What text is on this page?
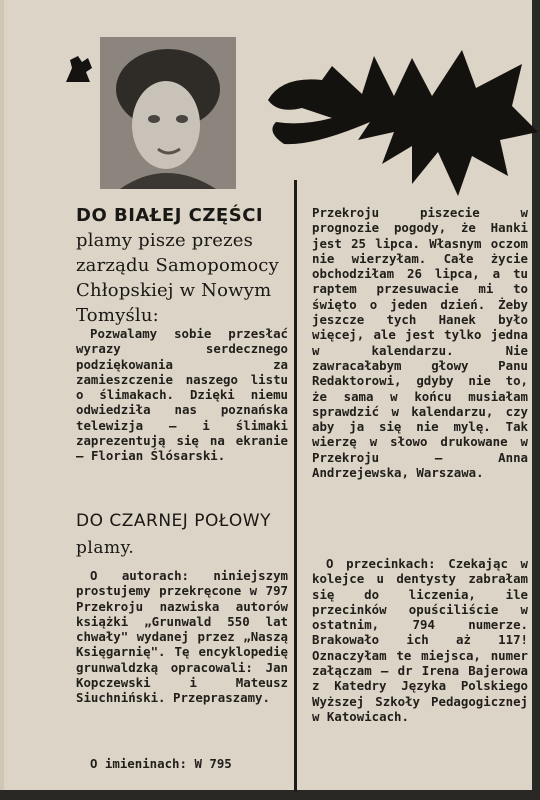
DO BIAŁEJ CZĘŚCI plamy pisze prezes zarządu Samopomocy Chłopskiej w Nowym Tomyślu:
Pozwalamy sobie przesłać wyrazy serdecznego podziękowania za zamieszczenie naszego listu o ślimakach. Dzięki niemu odwiedziła nas poznańska telewizja — i ślimaki zaprezentują się na ekranie — Florian Ślósarski.
DO CZARNEJ POŁOWY plamy.
O autorach: niniejszym prostujemy przekręcone w 797 Przekroju nazwiska autorów książki „Grunwald 550 lat chwały" wydanej przez „Naszą Księgarnię". Tę encyklopedię grunwaldzką opracowali: Jan Kopczewski i Mateusz Siuchniński. Przepraszamy.
O imieninach: W 795
Przekroju piszecie w prognozie pogody, że Hanki jest 25 lipca. Własnym oczom nie wierzyłam. Całe życie obchodziłam 26 lipca, a tu raptem przesuwacie mi to święto o jeden dzień. Żeby jeszcze tych Hanek było więcej, ale jest tylko jedna w kalendarzu. Nie zawracałabym głowy Panu Redaktorowi, gdyby nie to, że sama w końcu musiałam sprawdzić w kalendarzu, czy aby ja się nie mylę. Tak wierzę w słowo drukowane w Przekroju —	Anna Andrzejewska, Warszawa.
O przecinkach: Czekając w kolejce u dentysty zabrałam się do liczenia, ile przecinków opuściliście w ostatnim, 794 numerze. Brakowało ich aż 117! Oznaczyłam te miejsca, numer załączam — dr Irena Bajerowa z Katedry Języka Polskiego Wyższej Szkoły Pedagogicznej w Katowicach.
